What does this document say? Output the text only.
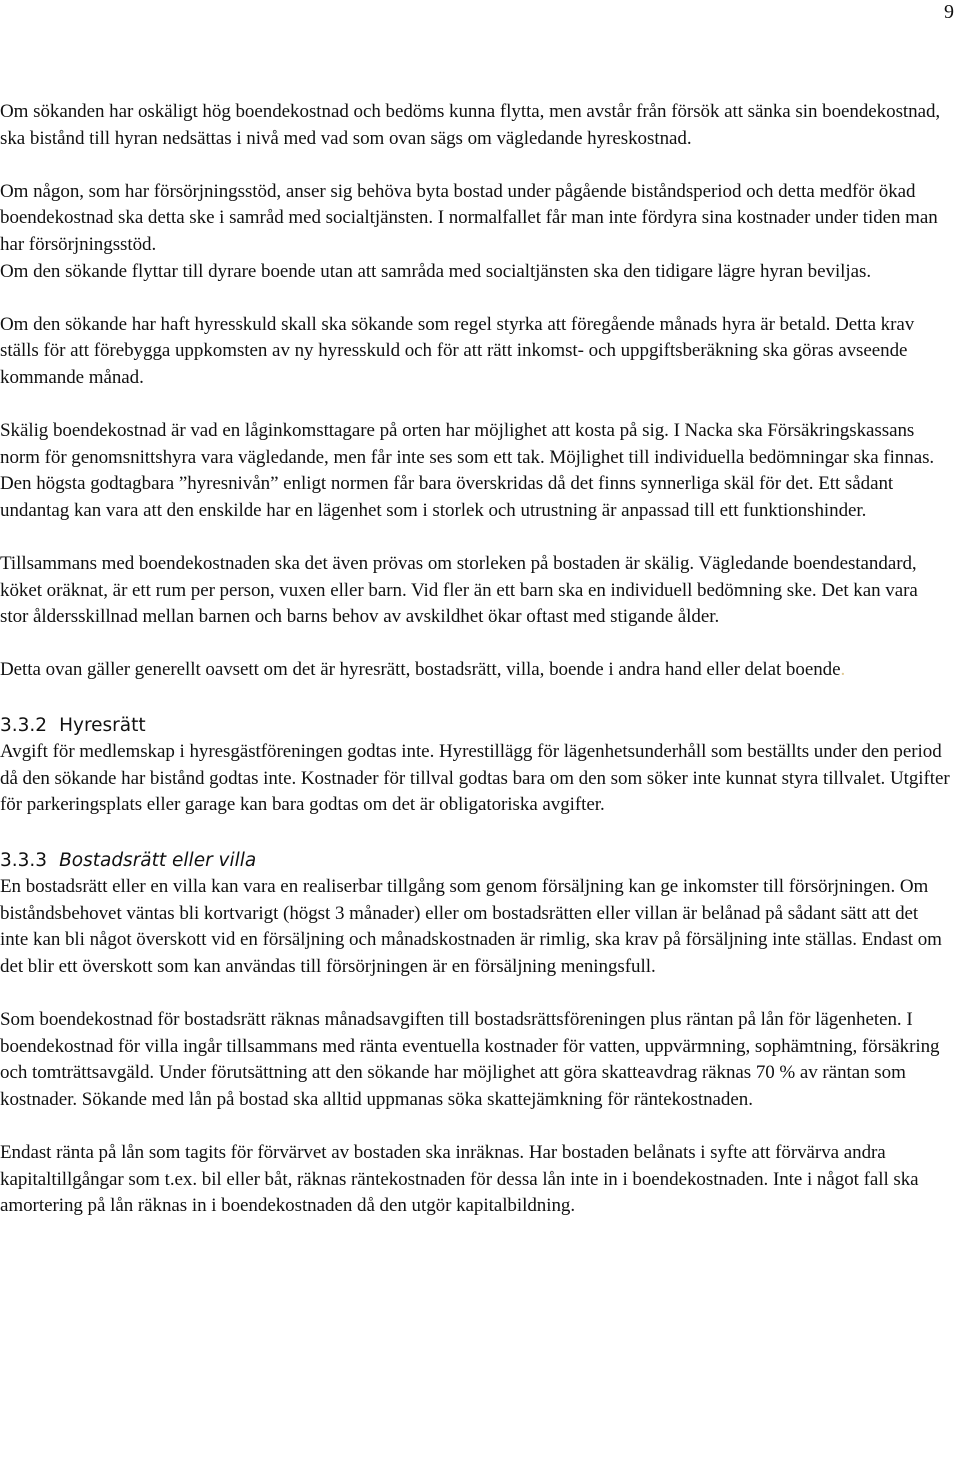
9

Om sökanden har oskäligt hög boendekostnad och bedöms kunna flytta, men avstår från försök att sänka sin boendekostnad, ska bistånd till hyran nedsättas i nivå med vad som ovan sägs om vägledande hyreskostnad.

Om någon, som har försörjningsstöd, anser sig behöva byta bostad under pågående biståndsperiod och detta medför ökad boendekostnad ska detta ske i samråd med socialtjänsten. I normalfallet får man inte fördyra sina kostnader under tiden man har försörjningsstöd.

Om den sökande flyttar till dyrare boende utan att samråda med socialtjänsten ska den tidigare lägre hyran beviljas.

Om den sökande har haft hyresskuld skall ska sökande som regel styrka att föregående månads hyra är betald. Detta krav ställs för att förebygga uppkomsten av ny hyresskuld och för att rätt inkomst- och uppgiftsberäkning ska göras avseende kommande månad.

Skälig boendekostnad är vad en låginkomsttagare på orten har möjlighet att kosta på sig. I Nacka ska Försäkringskassans norm för genomsnittshyra vara vägledande, men får inte ses som ett tak. Möjlighet till individuella bedömningar ska finnas. Den högsta godtagbara ”hyresnivån” enligt normen får bara överskridas då det finns synnerliga skäl för det. Ett sådant undantag kan vara att den enskilde har en lägenhet som i storlek och utrustning är anpassad till ett funktionshinder.

Tillsammans med boendekostnaden ska det även prövas om storleken på bostaden är skälig. Vägledande boendestandard, köket oräknat, är ett rum per person, vuxen eller barn. Vid fler än ett barn ska en individuell bedömning ske. Det kan vara stor åldersskillnad mellan barnen och barns behov av avskildhet ökar oftast med stigande ålder.

Detta ovan gäller generellt oavsett om det är hyresrätt, bostadsrätt, villa, boende i andra hand eller delat boende.

3.3.2 Hyresrätt

Avgift för medlemskap i hyresgästföreningen godtas inte. Hyrestillägg för lägenhetsunderhåll som beställts under den period då den sökande har bistånd godtas inte. Kostnader för tillval godtas bara om den som söker inte kunnat styra tillvalet. Utgifter för parkeringsplats eller garage kan bara godtas om det är obligatoriska avgifter.

3.3.3 Bostadsrätt eller villa

En bostadsrätt eller en villa kan vara en realiserbar tillgång som genom försäljning kan ge inkomster till försörjningen. Om biståndsbehovet väntas bli kortvarigt (högst 3 månader) eller om bostadsrätten eller villan är belånad på sådant sätt att det inte kan bli något överskott vid en försäljning och månadskostnaden är rimlig, ska krav på försäljning inte ställas. Endast om det blir ett överskott som kan användas till försörjningen är en försäljning meningsfull.

Som boendekostnad för bostadsrätt räknas månadsavgiften till bostadsrättsföreningen plus räntan på lån för lägenheten. I boendekostnad för villa ingår tillsammans med ränta eventuella kostnader för vatten, uppvärmning, sophämtning, försäkring och tomträttsavgäld. Under förutsättning att den sökande har möjlighet att göra skatteavdrag räknas 70 % av räntan som kostnader. Sökande med lån på bostad ska alltid uppmanas söka skattejämkning för räntekostnaden.

Endast ränta på lån som tagits för förvärvet av bostaden ska inräknas. Har bostaden belånats i syfte att förvärva andra kapitaltillgångar som t.ex. bil eller båt, räknas räntekostnaden för dessa lån inte in i boendekostnaden. Inte i något fall ska amortering på lån räknas in i boendekostnaden då den utgör kapitalbildning.
